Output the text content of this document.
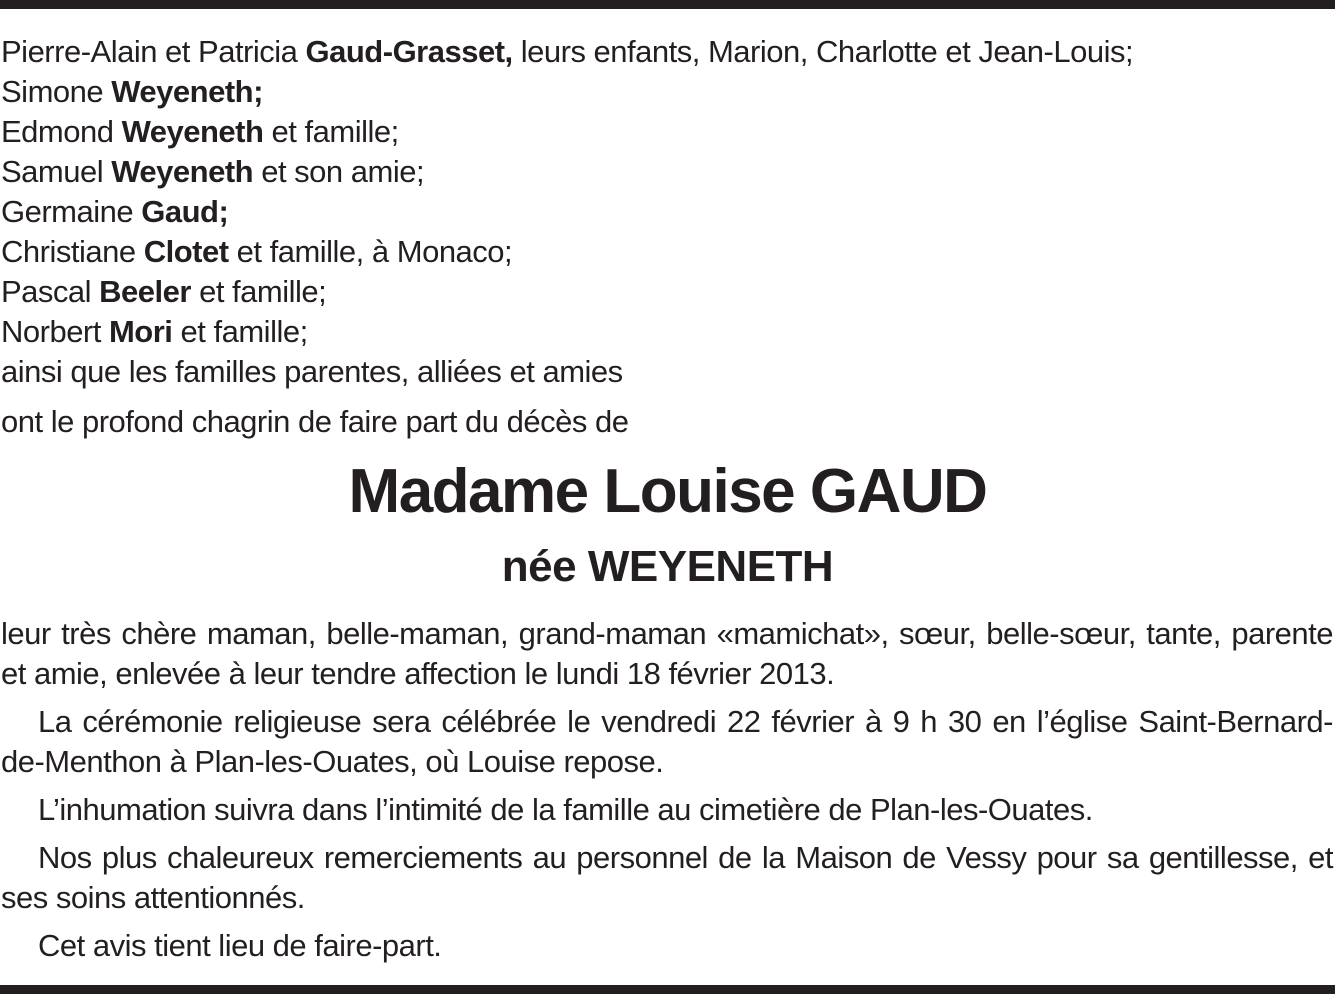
Pierre-Alain et Patricia Gaud-Grasset, leurs enfants, Marion, Charlotte et Jean-Louis;
Simone Weyeneth;
Edmond Weyeneth et famille;
Samuel Weyeneth et son amie;
Germaine Gaud;
Christiane Clotet et famille, à Monaco;
Pascal Beeler et famille;
Norbert Mori et famille;
ainsi que les familles parentes, alliées et amies

ont le profond chagrin de faire part du décès de

Madame Louise GAUD
née WEYENETH

leur très chère maman, belle-maman, grand-maman «mamichat», sœur, belle-sœur, tante, parente et amie, enlevée à leur tendre affection le lundi 18 février 2013.

La cérémonie religieuse sera célébrée le vendredi 22 février à 9 h 30 en l’église Saint-Bernard-de-Menthon à Plan-les-Ouates, où Louise repose.

L’inhumation suivra dans l’intimité de la famille au cimetière de Plan-les-Ouates.

Nos plus chaleureux remerciements au personnel de la Maison de Vessy pour sa gentillesse, et ses soins attentionnés.

Cet avis tient lieu de faire-part.
